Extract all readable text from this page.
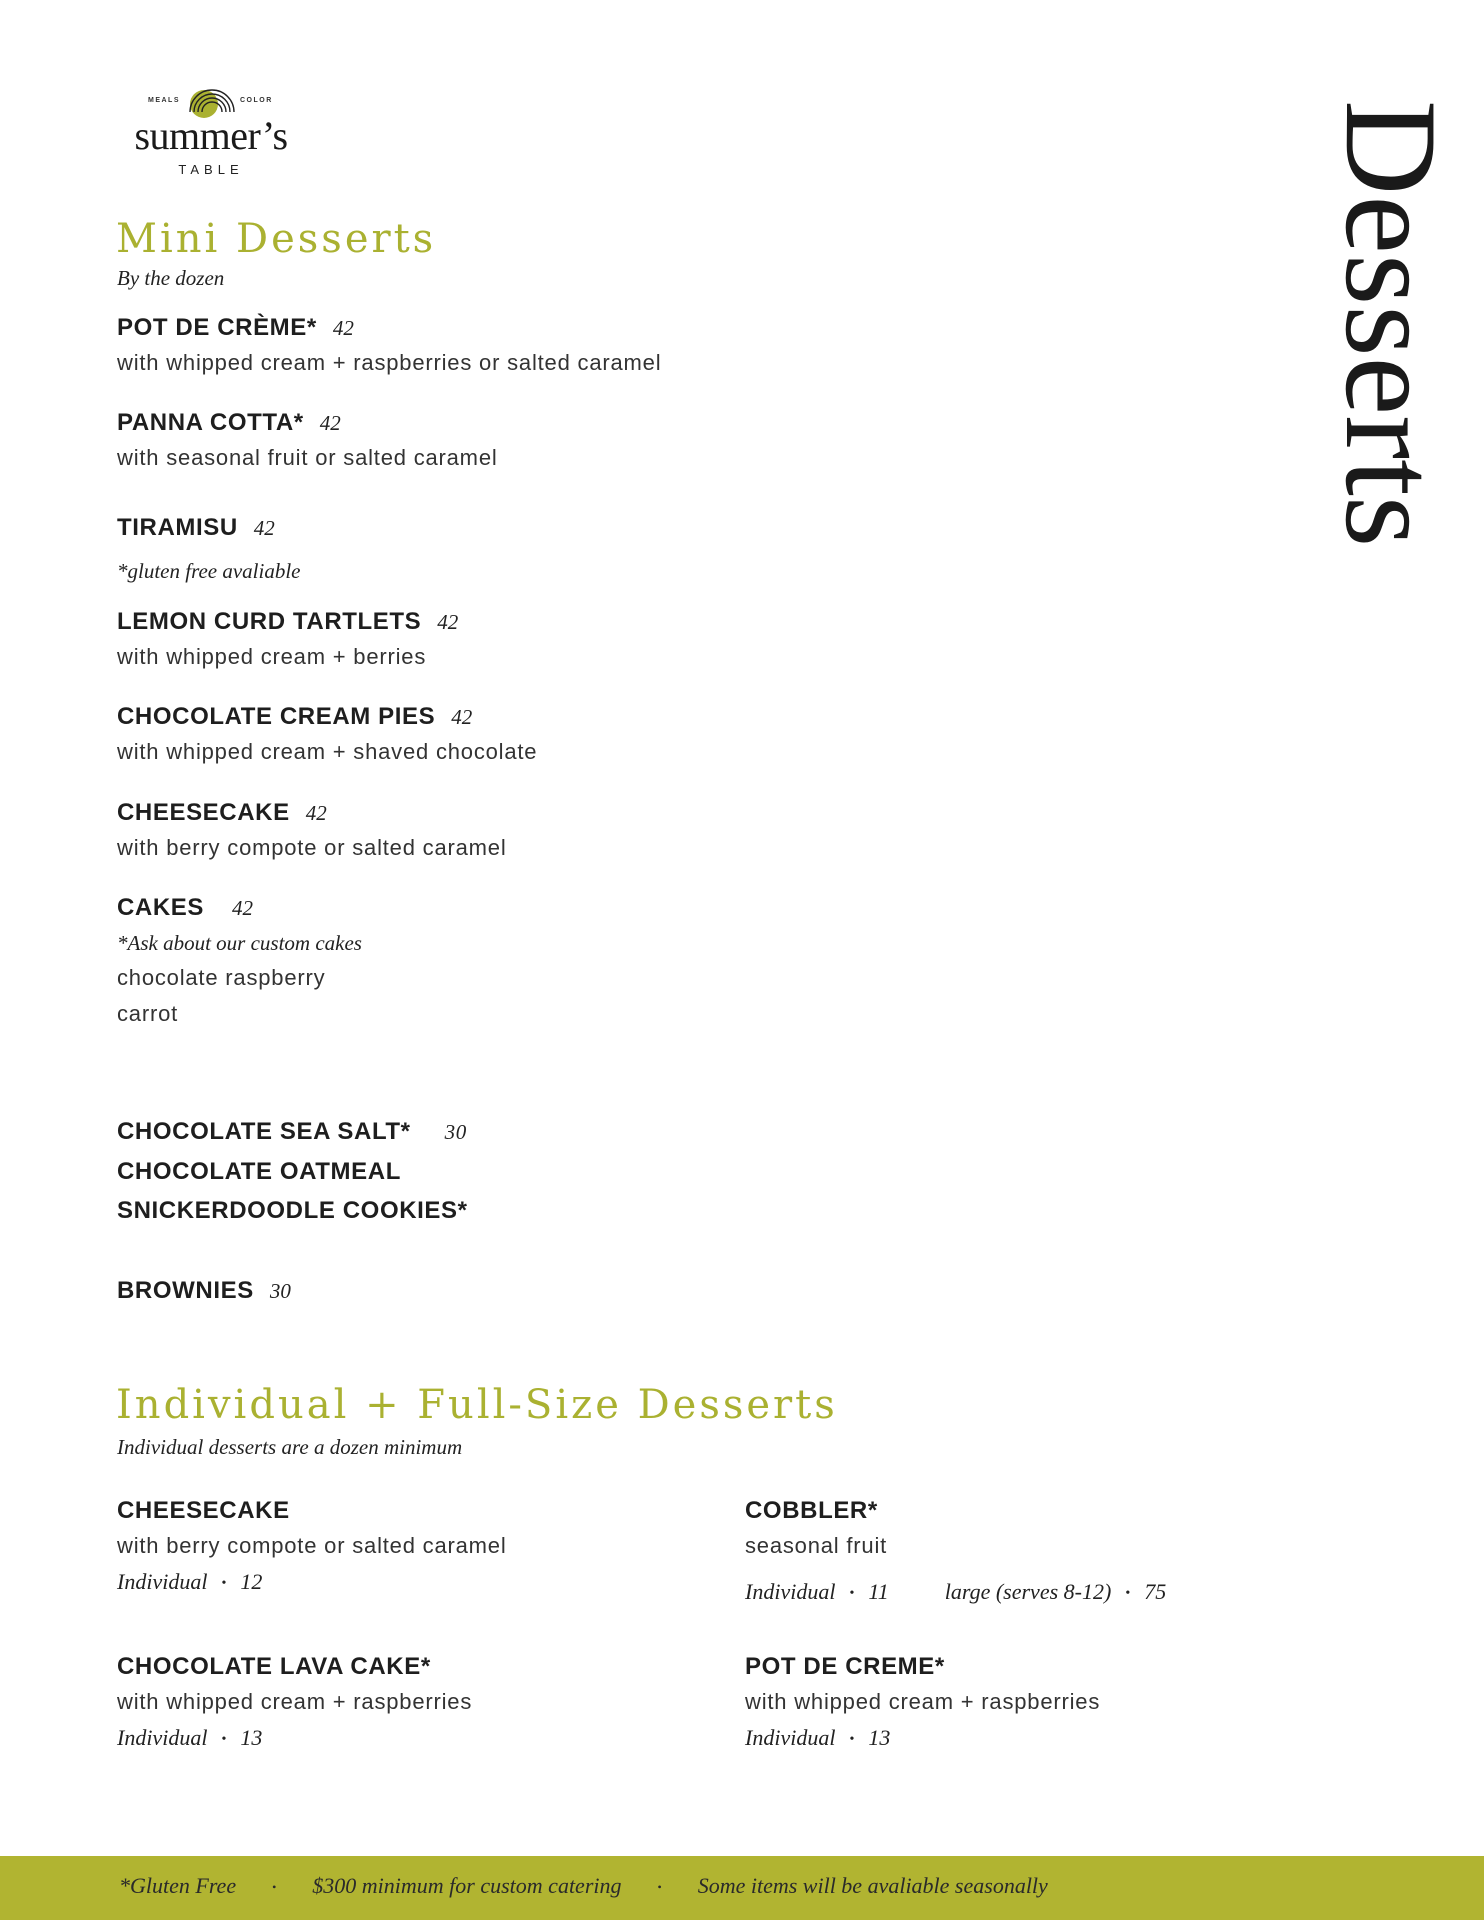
MEALS	COLOR
summer’s
TABLE	Desserts
Mini Desserts
By the dozen
POT DE CRÈME* 42
with whipped cream + raspberries or salted caramel
PANNA COTTA* 42
with seasonal fruit or salted caramel
TIRAMISU 42
*gluten free avaliable
LEMON CURD TARTLETS 42
with whipped cream + berries
CHOCOLATE CREAM PIES 42
with whipped cream + shaved chocolate
CHEESECAKE 42
with berry compote or salted caramel
CAKES 42
*Ask about our custom cakes
chocolate raspberry
carrot
CHOCOLATE SEA SALT* 30
CHOCOLATE OATMEAL
SNICKERDOODLE COOKIES*
BROWNIES 30
Individual + Full-Size Desserts
Individual desserts are a dozen minimum
CHEESECAKE
with berry compote or salted caramel
Individual • 12
COBBLER*
seasonal fruit
Individual • 11	large (serves 8-12) • 75
CHOCOLATE LAVA CAKE*
with whipped cream + raspberries
Individual • 13
POT DE CREME*
with whipped cream + raspberries
Individual • 13
*Gluten Free	• $300 minimum for custom catering	• Some items will be avaliable seasonally
